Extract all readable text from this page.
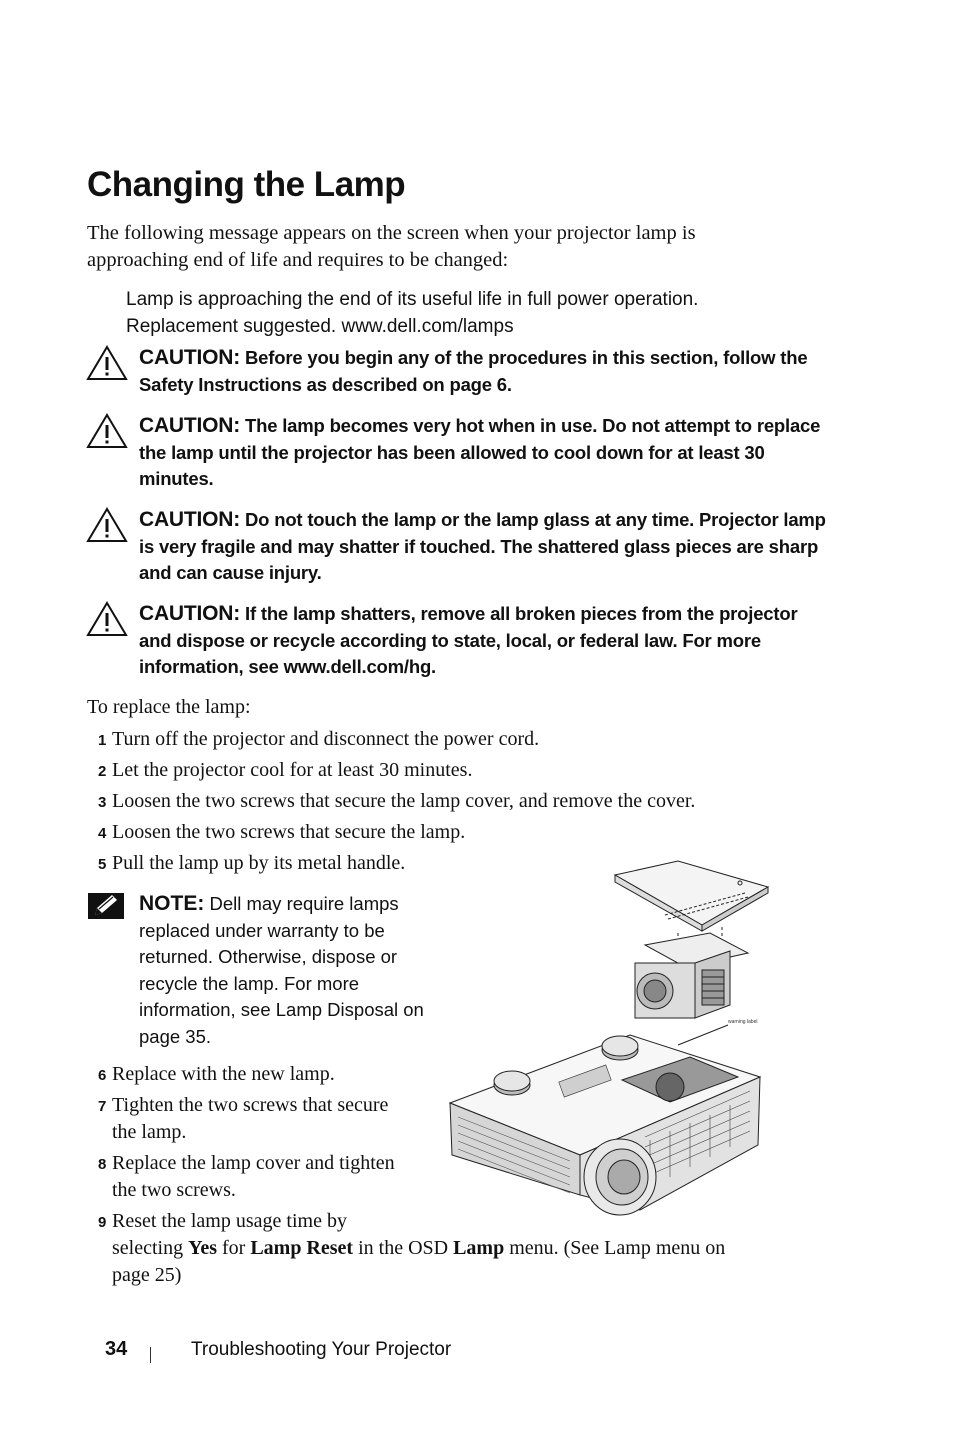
Changing the Lamp
The following message appears on the screen when your projector lamp is approaching end of life and requires to be changed:
Lamp is approaching the end of its useful life in full power operation.
Replacement suggested. www.dell.com/lamps
CAUTION: Before you begin any of the procedures in this section, follow the Safety Instructions as described on page 6.
CAUTION: The lamp becomes very hot when in use. Do not attempt to replace the lamp until the projector has been allowed to cool down for at least 30 minutes.
CAUTION: Do not touch the lamp or the lamp glass at any time. Projector lamp is very fragile and may shatter if touched. The shattered glass pieces are sharp and can cause injury.
CAUTION: If the lamp shatters, remove all broken pieces from the projector and dispose or recycle according to state, local, or federal law. For more information, see www.dell.com/hg.
To replace the lamp:
1 Turn off the projector and disconnect the power cord.
2 Let the projector cool for at least 30 minutes.
3 Loosen the two screws that secure the lamp cover, and remove the cover.
4 Loosen the two screws that secure the lamp.
5 Pull the lamp up by its metal handle.
NOTE: Dell may require lamps replaced under warranty to be returned. Otherwise, dispose or recycle the lamp. For more information, see Lamp Disposal on page 35.
6 Replace with the new lamp.
7 Tighten the two screws that secure
the lamp.
8 Replace the lamp cover and tighten
the two screws.
9 Reset the lamp usage time by
selecting Yes for Lamp Reset in the OSD Lamp menu. (See Lamp menu on
page 25)
warning label
34	Troubleshooting Your Projector
